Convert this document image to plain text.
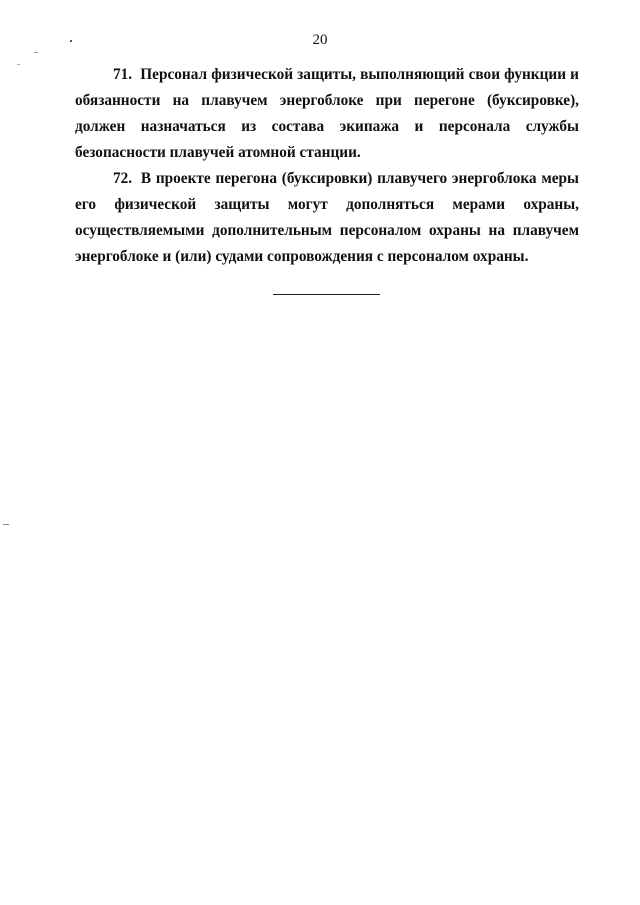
20

71. Персонал физической защиты, выполняющий свои функции и обязанности на плавучем энергоблоке при перегоне (буксировке), должен назначаться из состава экипажа и персонала службы безопасности плавучей атомной станции.

72. В проекте перегона (буксировки) плавучего энергоблока меры его физической защиты могут дополняться мерами охраны, осуществляемыми дополнительным персоналом охраны на плавучем энергоблоке и (или) судами сопровождения с персоналом охраны.
